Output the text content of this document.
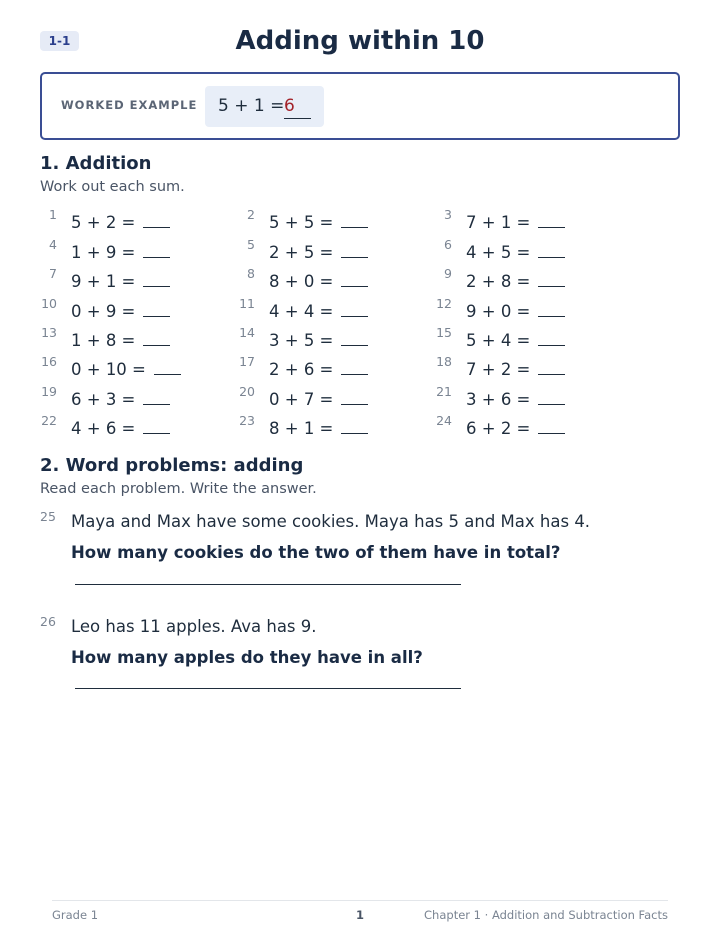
1-1	Adding within 10
WORKED EXAMPLE 5 + 1 = 6
1. Addition
Work out each sum.
1 5 + 2 =	2 5 + 5 =	3 7 + 1 =
4 1 + 9 =	5 2 + 5 =	6 4 + 5 =
7 9 + 1 =	8 8 + 0 =	9 2 + 8 =
10 0 + 9 =	11 4 + 4 =	12 9 + 0 =
13 1 + 8 =	14 3 + 5 =	15 5 + 4 =
16 0 + 10 =	17 2 + 6 =	18 7 + 2 =
19 6 + 3 =	20 0 + 7 =	21 3 + 6 =
22 4 + 6 =	23 8 + 1 =	24 6 + 2 =
2. Word problems: adding
Read each problem. Write the answer.
25 Maya and Max have some cookies. Maya has 5 and Max has 4.
How many cookies do the two of them have in total?
26 Leo has 11 apples. Ava has 9.
How many apples do they have in all?
Grade 1	1	Chapter 1 · Addition and Subtraction Facts
